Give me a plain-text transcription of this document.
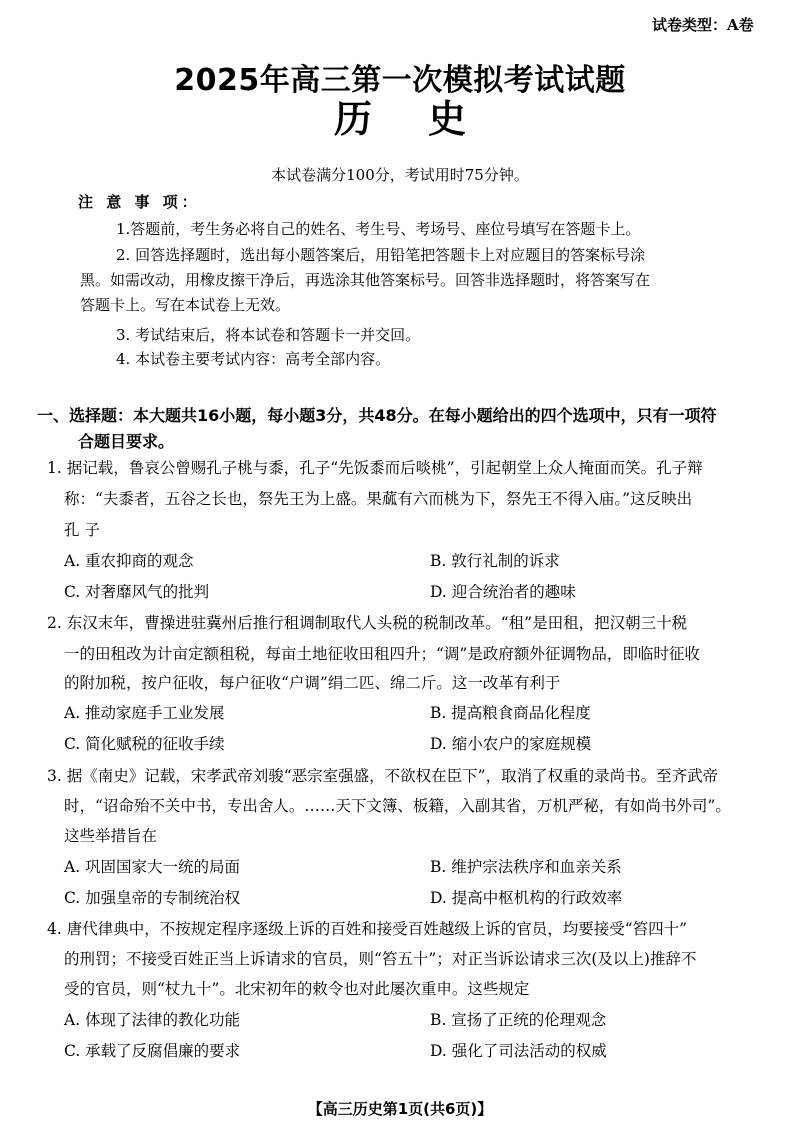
试卷类型：A卷
2025年高三第一次模拟考试试题
历 史
本试卷满分100分，考试用时75分钟。
注 意 事 项：
1.答题前，考生务必将自己的姓名、考生号、考场号、座位号填写在答题卡上。
2. 回答选择题时，选出每小题答案后，用铅笔把答题卡上对应题目的答案标号涂
黑。如需改动，用橡皮擦干净后，再选涂其他答案标号。回答非选择题时，将答案写在
答题卡上。写在本试卷上无效。
3. 考试结束后，将本试卷和答题卡一并交回。
4. 本试卷主要考试内容：高考全部内容。
一、选择题：本大题共16小题，每小题3分，共48分。在每小题给出的四个选项中，只有一项符
合题目要求。
1. 据记载，鲁哀公曾赐孔子桃与黍，孔子“先饭黍而后啖桃”，引起朝堂上众人掩面而笑。孔子辩
称：“夫黍者，五谷之长也，祭先王为上盛。果蓏有六而桃为下，祭先王不得入庙。”这反映出
孔 子
A. 重农抑商的观念	B. 敦行礼制的诉求
C. 对奢靡风气的批判	D. 迎合统治者的趣味
2. 东汉末年，曹操进驻冀州后推行租调制取代人头税的税制改革。“租”是田租，把汉朝三十税
一的田租改为计亩定额租税，每亩土地征收田租四升；“调”是政府额外征调物品，即临时征收
的附加税，按户征收，每户征收“户调”绢二匹、绵二斤。这一改革有利于
A. 推动家庭手工业发展	B. 提高粮食商品化程度
C. 简化赋税的征收手续	D. 缩小农户的家庭规模
3. 据《南史》记载，宋孝武帝刘骏“恶宗室强盛，不欲权在臣下”，取消了权重的录尚书。至齐武帝
时，“诏命殆不关中书，专出舍人。……天下文簿、板籍，入副其省，万机严秘，有如尚书外司”。
这些举措旨在
A. 巩固国家大一统的局面	B. 维护宗法秩序和血亲关系
C. 加强皇帝的专制统治权	D. 提高中枢机构的行政效率
4. 唐代律典中，不按规定程序逐级上诉的百姓和接受百姓越级上诉的官员，均要接受“笞四十”
的刑罚；不接受百姓正当上诉请求的官员，则“笞五十”；对正当诉讼请求三次(及以上)推辞不
受的官员，则“杖九十”。北宋初年的敕令也对此屡次重申。这些规定
A. 体现了法律的教化功能	B. 宣扬了正统的伦理观念
C. 承载了反腐倡廉的要求	D. 强化了司法活动的权威
【高三历史第1页(共6页)】
